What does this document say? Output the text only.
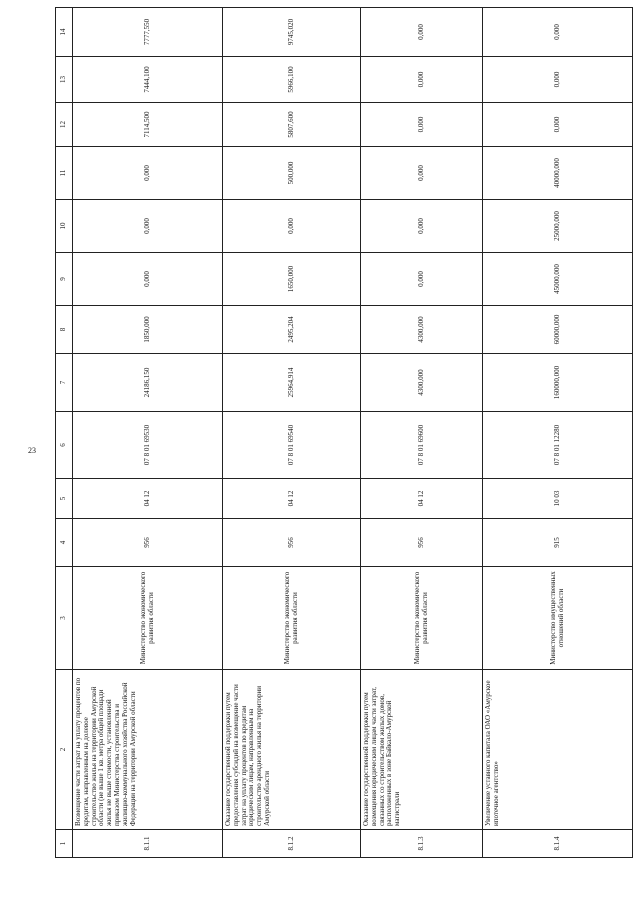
23
1	2	3	4	5	6	7	8	9	10	11	12	13	14
8.1.1	Возмещение части затрат на уплату процентов по кредитам, направленным на долевое строительство жилья на территории Амурской области (не выше 1 кв. метра общей площади жилья не выше стоимости, установленной приказом Министерства строительства и жилищно-коммунального хозяйства Российской Федерации на территории Амурской области	Министерство экономического развития области	956	04 12	07 8 01 69530	24186,150	1850,000	0,000	0,000	0,000	7114,500	7444,100	7777,550
8.1.2	Оказание государственной поддержки путем предоставления субсидий на возмещение части затрат на уплату процентов по кредитам юридическим лицам, направленным на строительство арендного жилья на территории Амурской области	Министерство экономического развития области	956	04 12	07 8 01 69540	25964,914	2495,204	1650,000	0,000	500,000	5807,600	5966,100	9745,020
8.1.3	Оказание государственной поддержки путем возмещения юридическим лицам части затрат, связанных со строительством жилых домов, расположенных в зоне Байкало-Амурской магистрали	Министерство экономического развития области	956	04 12	07 8 01 69600	4300,000	4300,000	0,000	0,000	0,000	0,000	0,000	0,000
8.1.4	Увеличение уставного капитала ОАО «Амурское ипотечное агентство»	Министерство имущественных отношений области	915	10 03	07 8 01 12280	160000,000	60000,000	45000,000	25000,000	40000,000	0,000	0,000	0,000
